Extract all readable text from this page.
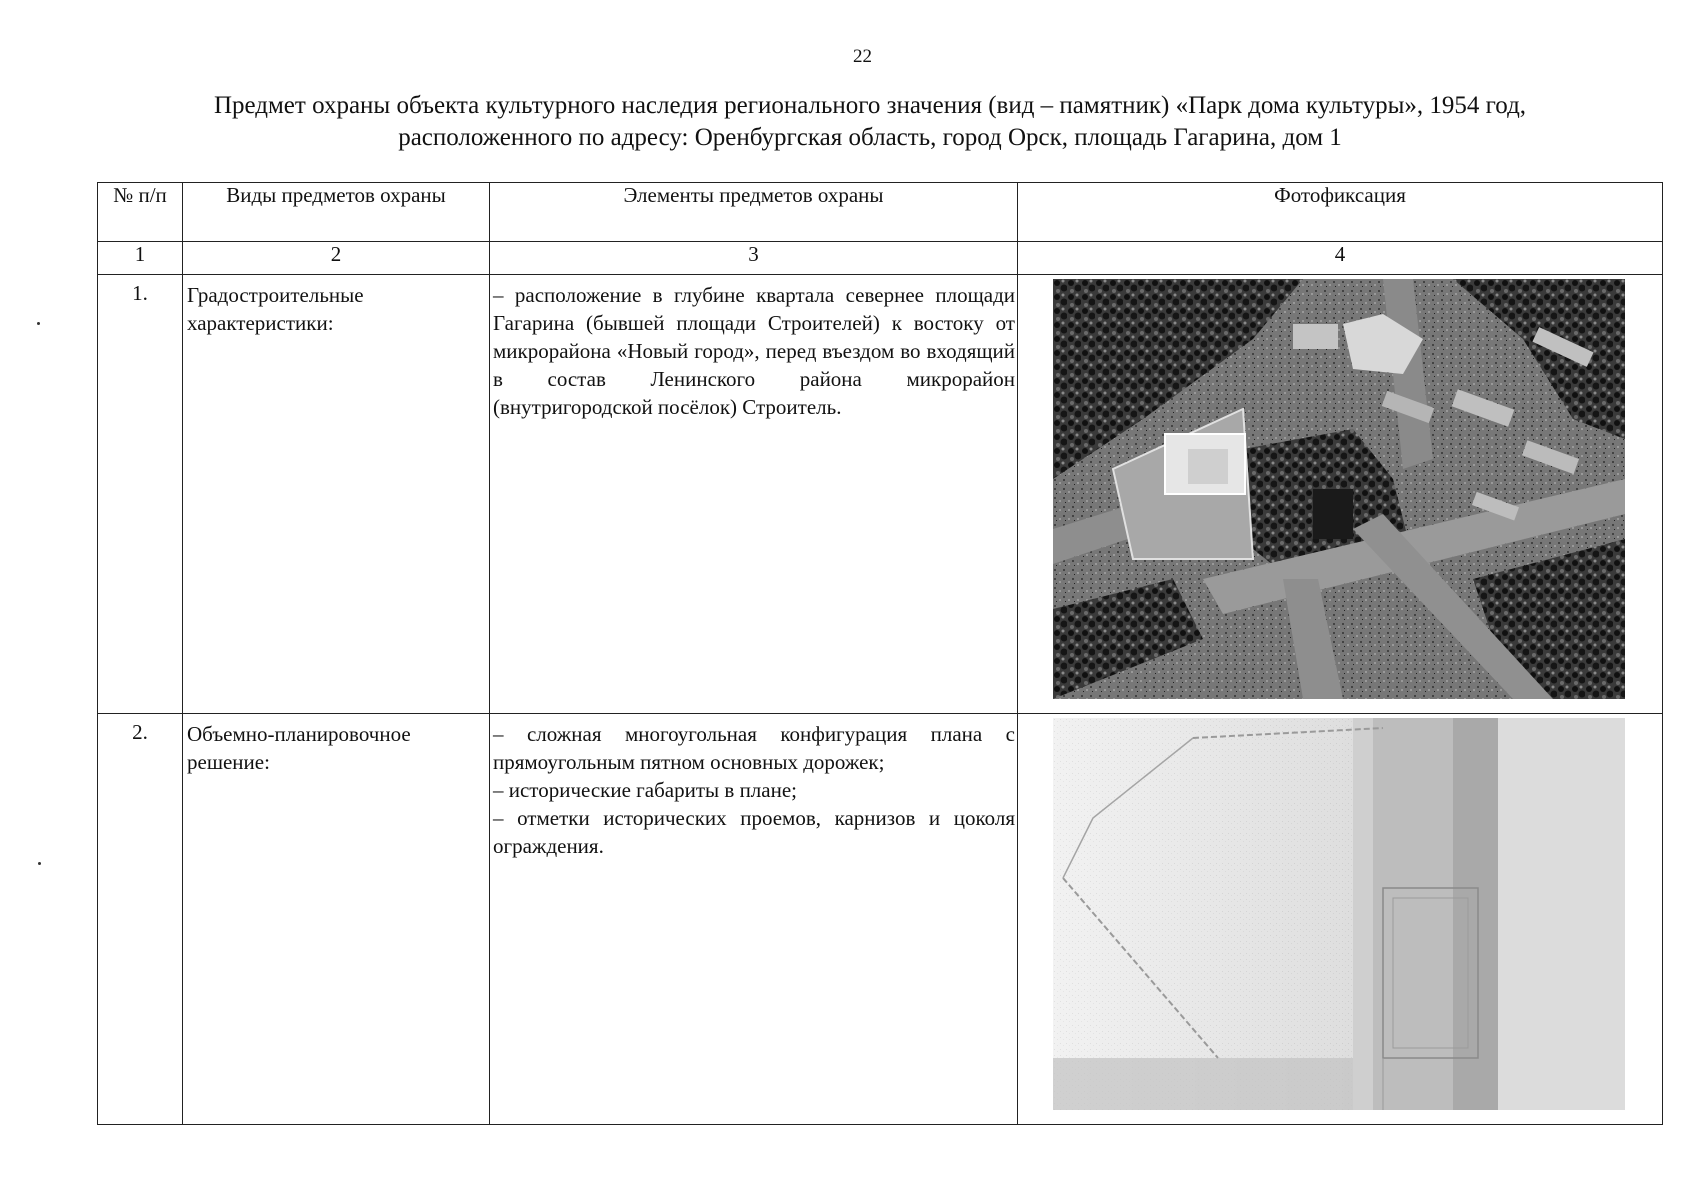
22
Предмет охраны объекта культурного наследия регионального значения (вид – памятник) «Парк дома культуры», 1954 год,
расположенного по адресу: Оренбургская область, город Орск, площадь Гагарина, дом 1
№ п/п	Виды предметов охраны	Элементы предметов охраны	Фотофиксация
1	2	3	4
1.	Градостроительные характеристики:	– расположение в глубине квартала севернее площади Гагарина (бывшей площади Строителей) к востоку от микрорайона «Новый город», перед въездом во входящий в состав Ленинского района микрорайон (внутригородской посёлок) Строитель.

2.	Объемно-планировочное решение:	– сложная многоугольная конфигурация плана с прямоугольным пятном основных дорожек;

– исторические габариты в плане;

– отметки исторических проемов, карнизов и цоколя ограждения.
